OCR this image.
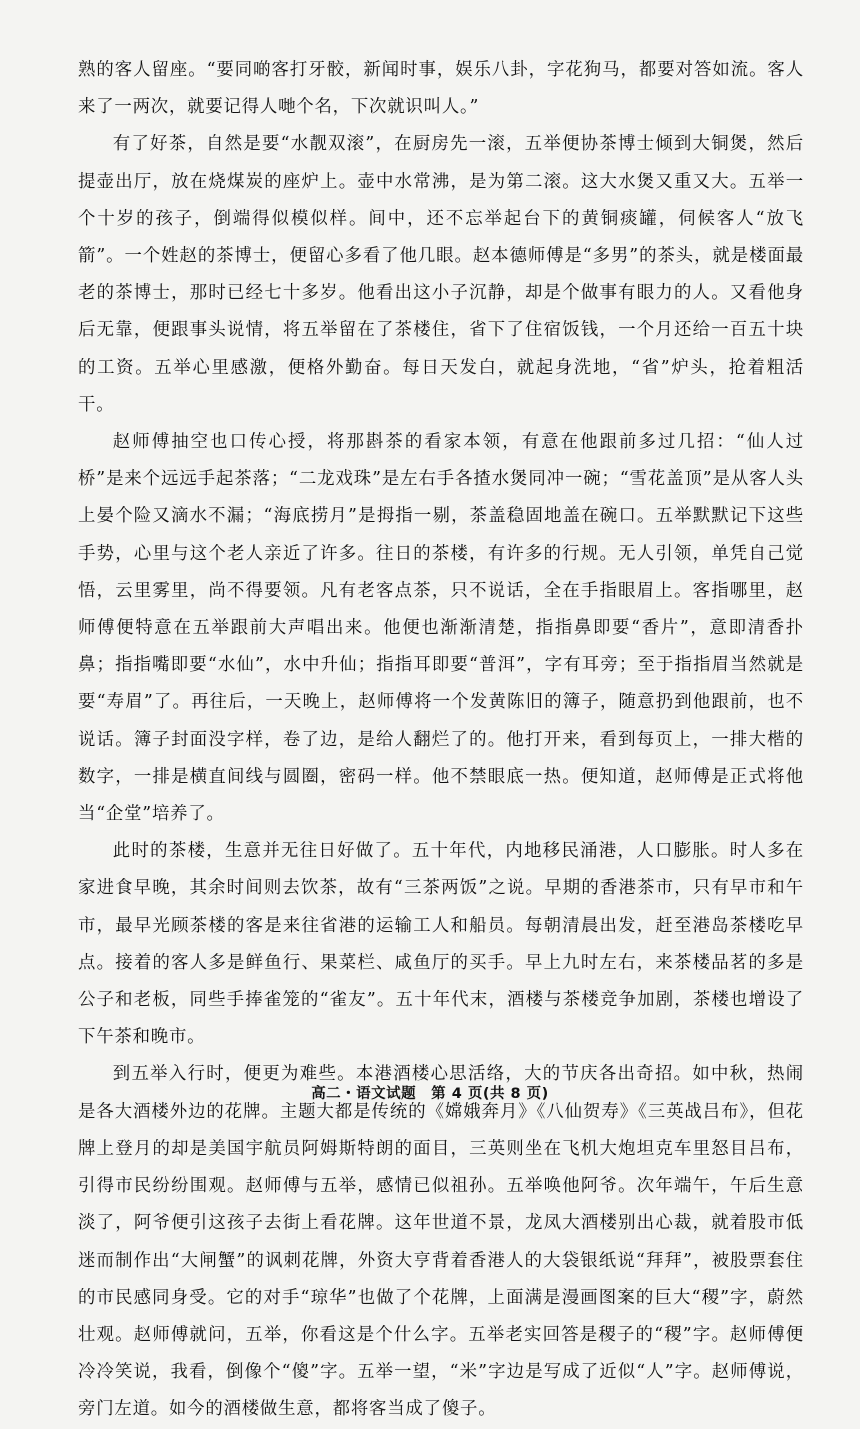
熟的客人留座。“要同啲客打牙骹，新闻时事，娱乐八卦，字花狗马，都要对答如流。客人来了一两次，就要记得人哋个名，下次就识叫人。”

有了好茶，自然是要“水靓双滚”，在厨房先一滚，五举便协茶博士倾到大铜煲，然后提壶出厅，放在烧煤炭的座炉上。壶中水常沸，是为第二滚。这大水煲又重又大。五举一个十岁的孩子，倒端得似模似样。间中，还不忘举起台下的黄铜痰罐，伺候客人“放飞箭”。一个姓赵的茶博士，便留心多看了他几眼。赵本德师傅是“多男”的茶头，就是楼面最老的茶博士，那时已经七十多岁。他看出这小子沉静，却是个做事有眼力的人。又看他身后无靠，便跟事头说情，将五举留在了茶楼住，省下了住宿饭钱，一个月还给一百五十块的工资。五举心里感激，便格外勤奋。每日天发白，就起身洗地，“省”炉头，抢着粗活干。

赵师傅抽空也口传心授，将那斟茶的看家本领，有意在他跟前多过几招：“仙人过桥”是来个远远手起茶落；“二龙戏珠”是左右手各揸水煲同冲一碗；“雪花盖顶”是从客人头上晏个险又滴水不漏；“海底捞月”是拇指一剔，茶盖稳固地盖在碗口。五举默默记下这些手势，心里与这个老人亲近了许多。往日的茶楼，有许多的行规。无人引领，单凭自己觉悟，云里雾里，尚不得要领。凡有老客点茶，只不说话，全在手指眼眉上。客指哪里，赵师傅便特意在五举跟前大声唱出来。他便也渐渐清楚，指指鼻即要“香片”，意即清香扑鼻；指指嘴即要“水仙”，水中升仙；指指耳即要“普洱”，字有耳旁；至于指指眉当然就是要“寿眉”了。再往后，一天晚上，赵师傅将一个发黄陈旧的簿子，随意扔到他跟前，也不说话。簿子封面没字样，卷了边，是给人翻烂了的。他打开来，看到每页上，一排大楷的数字，一排是横直间线与圆圈，密码一样。他不禁眼底一热。便知道，赵师傅是正式将他当“企堂”培养了。

此时的茶楼，生意并无往日好做了。五十年代，内地移民涌港，人口膨胀。时人多在家进食早晚，其余时间则去饮茶，故有“三茶两饭”之说。早期的香港茶市，只有早市和午市，最早光顾茶楼的客是来往省港的运输工人和船员。每朝清晨出发，赶至港岛茶楼吃早点。接着的客人多是鲜鱼行、果菜栏、咸鱼厅的买手。早上九时左右，来茶楼品茗的多是公子和老板，同些手捧雀笼的“雀友”。五十年代末，酒楼与茶楼竞争加剧，茶楼也增设了下午茶和晚市。

到五举入行时，便更为难些。本港酒楼心思活络，大的节庆各出奇招。如中秋，热闹是各大酒楼外边的花牌。主题大都是传统的《嫦娥奔月》《八仙贺寿》《三英战吕布》，但花牌上登月的却是美国宇航员阿姆斯特朗的面目，三英则坐在飞机大炮坦克车里怒目吕布，引得市民纷纷围观。赵师傅与五举，感情已似祖孙。五举唤他阿爷。次年端午，午后生意淡了，阿爷便引这孩子去街上看花牌。这年世道不景，龙凤大酒楼别出心裁，就着股市低迷而制作出“大闸蟹”的讽刺花牌，外资大亨背着香港人的大袋银纸说“拜拜”，被股票套住的市民感同身受。它的对手“琼华”也做了个花牌，上面满是漫画图案的巨大“稷”字，蔚然壮观。赵师傅就问，五举，你看这是个什么字。五举老实回答是稷子的“稷”字。赵师傅便冷冷笑说，我看，倒像个“傻”字。五举一望，“米”字边是写成了近似“人”字。赵师傅说，旁门左道。如今的酒楼做生意，都将客当成了傻子。

高二・语文试题　第 4 页(共 8 页)
